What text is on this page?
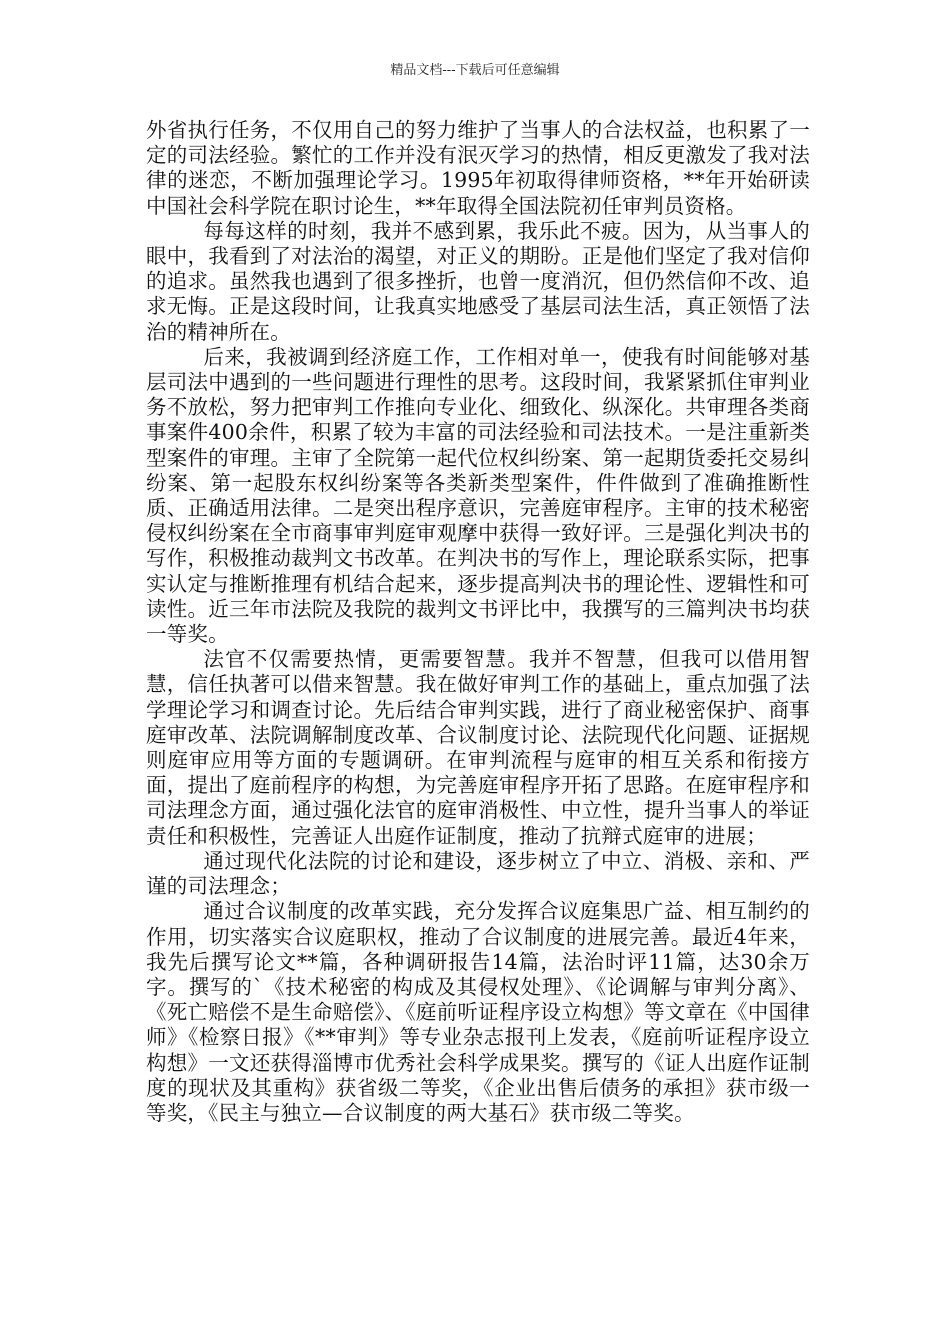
精品文档---下载后可任意编辑

外省执行任务，不仅用自己的努力维护了当事人的合法权益，也积累了一定的司法经验。繁忙的工作并没有泯灭学习的热情，相反更激发了我对法律的迷恋，不断加强理论学习。1995年初取得律师资格，**年开始研读中国社会科学院在职讨论生，**年取得全国法院初任审判员资格。

每每这样的时刻，我并不感到累，我乐此不疲。因为，从当事人的眼中，我看到了对法治的渴望，对正义的期盼。正是他们坚定了我对信仰的追求。虽然我也遇到了很多挫折，也曾一度消沉，但仍然信仰不改、追求无悔。正是这段时间，让我真实地感受了基层司法生活，真正领悟了法治的精神所在。

后来，我被调到经济庭工作，工作相对单一，使我有时间能够对基层司法中遇到的一些问题进行理性的思考。这段时间，我紧紧抓住审判业务不放松，努力把审判工作推向专业化、细致化、纵深化。共审理各类商事案件400余件，积累了较为丰富的司法经验和司法技术。一是注重新类型案件的审理。主审了全院第一起代位权纠纷案、第一起期货委托交易纠纷案、第一起股东权纠纷案等各类新类型案件，件件做到了准确推断性质、正确适用法律。二是突出程序意识，完善庭审程序。主审的技术秘密侵权纠纷案在全市商事审判庭审观摩中获得一致好评。三是强化判决书的写作，积极推动裁判文书改革。在判决书的写作上，理论联系实际，把事实认定与推断推理有机结合起来，逐步提高判决书的理论性、逻辑性和可读性。近三年市法院及我院的裁判文书评比中，我撰写的三篇判决书均获一等奖。

法官不仅需要热情，更需要智慧。我并不智慧，但我可以借用智慧，信任执著可以借来智慧。我在做好审判工作的基础上，重点加强了法学理论学习和调查讨论。先后结合审判实践，进行了商业秘密保护、商事庭审改革、法院调解制度改革、合议制度讨论、法院现代化问题、证据规则庭审应用等方面的专题调研。在审判流程与庭审的相互关系和衔接方面，提出了庭前程序的构想，为完善庭审程序开拓了思路。在庭审程序和司法理念方面，通过强化法官的庭审消极性、中立性，提升当事人的举证责任和积极性，完善证人出庭作证制度，推动了抗辩式庭审的进展；

通过现代化法院的讨论和建设，逐步树立了中立、消极、亲和、严谨的司法理念；

通过合议制度的改革实践，充分发挥合议庭集思广益、相互制约的作用，切实落实合议庭职权，推动了合议制度的进展完善。最近4年来，我先后撰写论文**篇，各种调研报告14篇，法治时评11篇，达30余万字。撰写的`《技术秘密的构成及其侵权处理》、《论调解与审判分离》、《死亡赔偿不是生命赔偿》、《庭前听证程序设立构想》等文章在《中国律师》《检察日报》《**审判》等专业杂志报刊上发表，《庭前听证程序设立构想》一文还获得淄博市优秀社会科学成果奖。撰写的《证人出庭作证制度的现状及其重构》获省级二等奖，《企业出售后债务的承担》获市级一等奖，《民主与独立—合议制度的两大基石》获市级二等奖。
